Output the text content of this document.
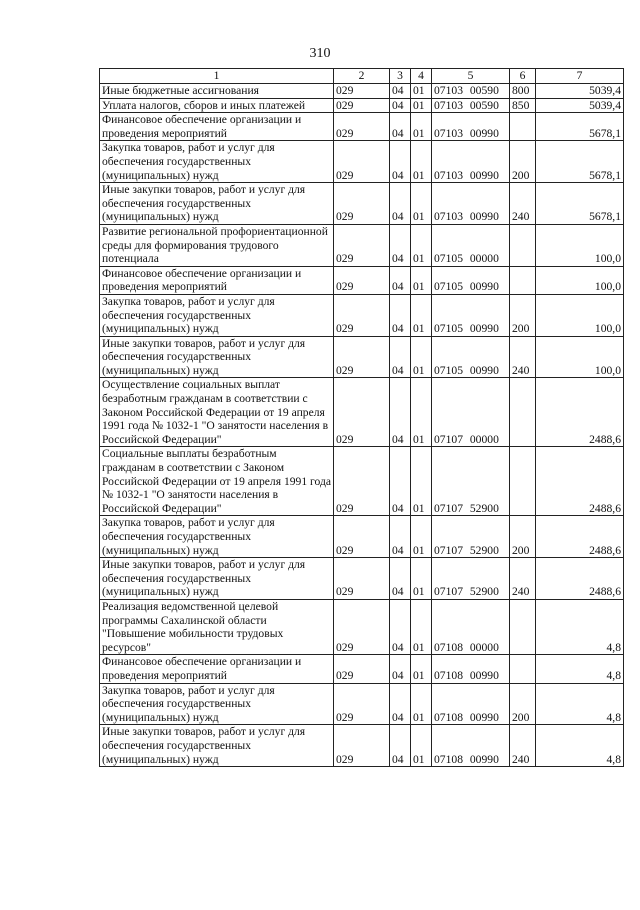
310
1	2	3	4	5	6	7
Иные бюджетные ассигнования	029	04	01	07103 00590	800	5039,4
Уплата налогов, сборов и иных платежей	029	04	01	07103 00590	850	5039,4
Финансовое обеспечение организации и проведения мероприятий	029	04	01	07103 00990		5678,1
Закупка товаров, работ и услуг для обеспечения государственных (муниципальных) нужд	029	04	01	07103 00990	200	5678,1
Иные закупки товаров, работ и услуг для обеспечения государственных (муниципальных) нужд	029	04	01	07103 00990	240	5678,1
Развитие региональной профориентационной среды для формирования трудового потенциала	029	04	01	07105 00000		100,0
Финансовое обеспечение организации и проведения мероприятий	029	04	01	07105 00990		100,0
Закупка товаров, работ и услуг для обеспечения государственных (муниципальных) нужд	029	04	01	07105 00990	200	100,0
Иные закупки товаров, работ и услуг для обеспечения государственных (муниципальных) нужд	029	04	01	07105 00990	240	100,0
Осуществление социальных выплат безработным гражданам в соответствии с Законом Российской Федерации от 19 апреля 1991 года № 1032-1 "О занятости населения в Российской Федерации"	029	04	01	07107 00000		2488,6
Социальные выплаты безработным гражданам в соответствии с Законом Российской Федерации от 19 апреля 1991 года № 1032-1 "О занятости населения в Российской Федерации"	029	04	01	07107 52900		2488,6
Закупка товаров, работ и услуг для обеспечения государственных (муниципальных) нужд	029	04	01	07107 52900	200	2488,6
Иные закупки товаров, работ и услуг для обеспечения государственных (муниципальных) нужд	029	04	01	07107 52900	240	2488,6
Реализация ведомственной целевой программы Сахалинской области "Повышение мобильности трудовых ресурсов"	029	04	01	07108 00000		4,8
Финансовое обеспечение организации и проведения мероприятий	029	04	01	07108 00990		4,8
Закупка товаров, работ и услуг для обеспечения государственных (муниципальных) нужд	029	04	01	07108 00990	200	4,8
Иные закупки товаров, работ и услуг для обеспечения государственных (муниципальных) нужд	029	04	01	07108 00990	240	4,8
